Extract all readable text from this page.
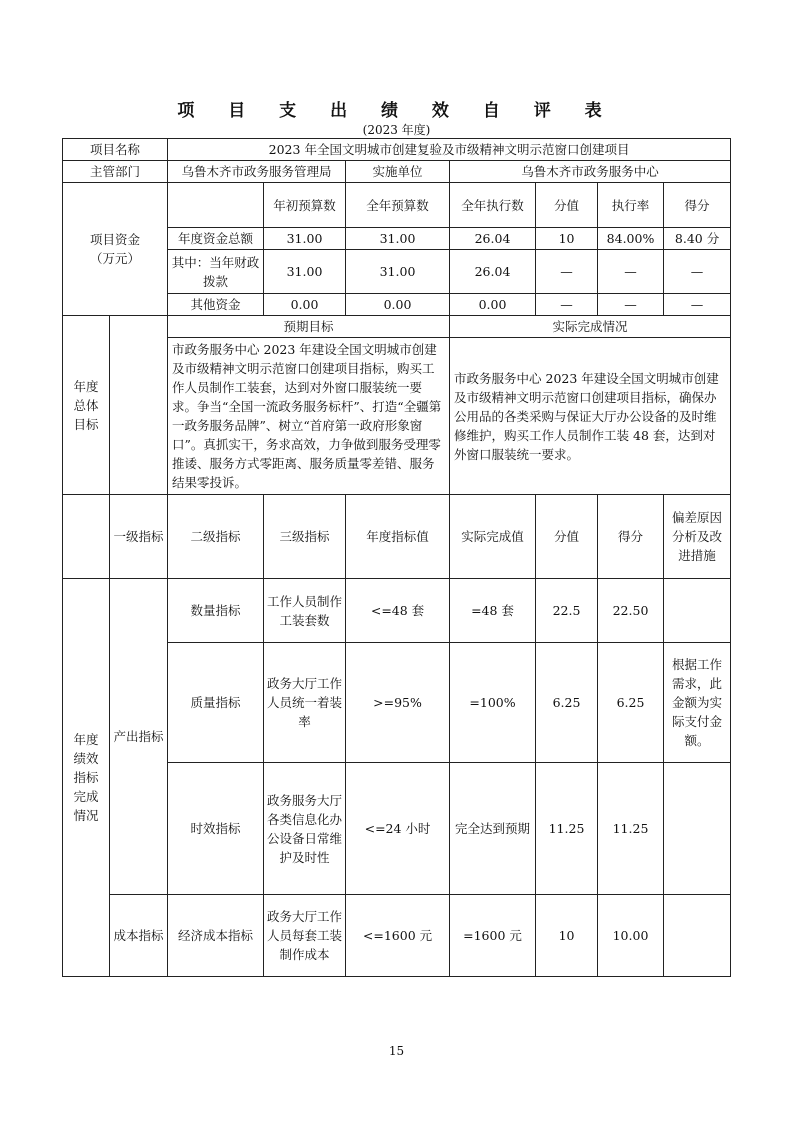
项 目 支 出 绩 效 自 评 表
(2023 年度)
项目名称		2023 年全国文明城市创建复验及市级精神文明示范窗口创建项目						
主管部门		乌鲁木齐市政务服务管理局		实施单位	乌鲁木齐市政务服务中心			
项目资金
（万元）			年初预算数	全年预算数	全年执行数	分值	执行率	得分
		年度资金总额	31.00	31.00	26.04	10	84.00%	8.40 分
		其中：当年财政拨款	31.00	31.00	26.04	—	—	—
		其他资金	0.00	0.00	0.00	—	—	—
年度
总体
目标		预期目标			实际完成情况			
		市政务服务中心 2023 年建设全国文明城市创建及市级精神文明示范窗口创建项目指标，购买工作人员制作工装套，达到对外窗口服装统一要求。争当“全国一流政务服务标杆”、打造“全疆第一政务服务品牌”、树立“首府第一政府形象窗口”。真抓实干，务求高效，力争做到服务受理零推诿、服务方式零距离、服务质量零差错、服务结果零投诉。			市政务服务中心 2023 年建设全国文明城市创建及市级精神文明示范窗口创建项目指标，确保办公用品的各类采购与保证大厅办公设备的及时维修维护，购买工作人员制作工装 48 套，达到对外窗口服装统一要求。			
	一级指标	二级指标	三级指标	年度指标值	实际完成值	分值	得分	偏差原因分析及改进措施
年度
绩效
指标
完成
情况	产出指标	数量指标	工作人员制作工装套数	<=48 套	=48 套	22.5	22.50	
		质量指标	政务大厅工作人员统一着装率	>=95%	=100%	6.25	6.25	根据工作需求，此金额为实际支付金额。
		时效指标	政务服务大厅各类信息化办公设备日常维护及时性	<=24 小时	完全达到预期	11.25	11.25	
	成本指标	经济成本指标	政务大厅工作人员每套工装制作成本	<=1600 元	=1600 元	10	10.00	
15
